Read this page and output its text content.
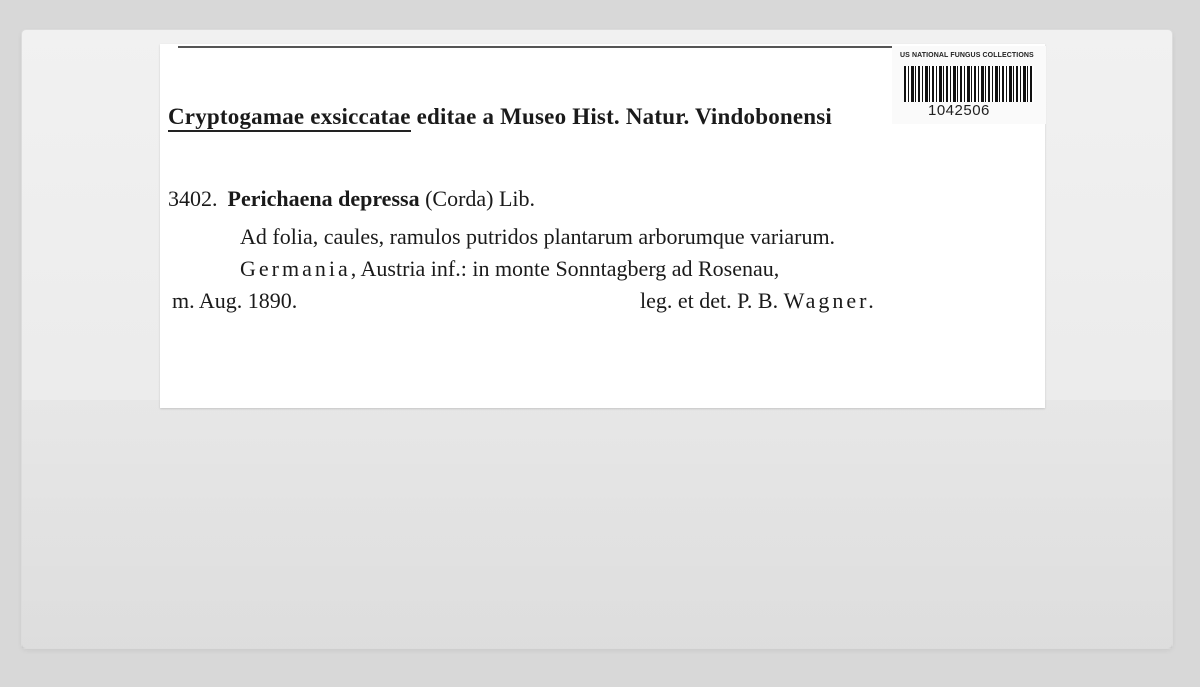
Cryptogamae exsiccatae editae a Museo Hist. Natur. Vindobonensi
3402. Perichaena depressa (Corda) Lib.
Ad folia, caules, ramulos putridos plantarum arborumque variarum.
Germania, Austria inf.: in monte Sonntagberg ad Rosenau,
m. Aug. 1890.	leg. et det. P. B. Wagner.
US NATIONAL FUNGUS COLLECTIONS
1042506
